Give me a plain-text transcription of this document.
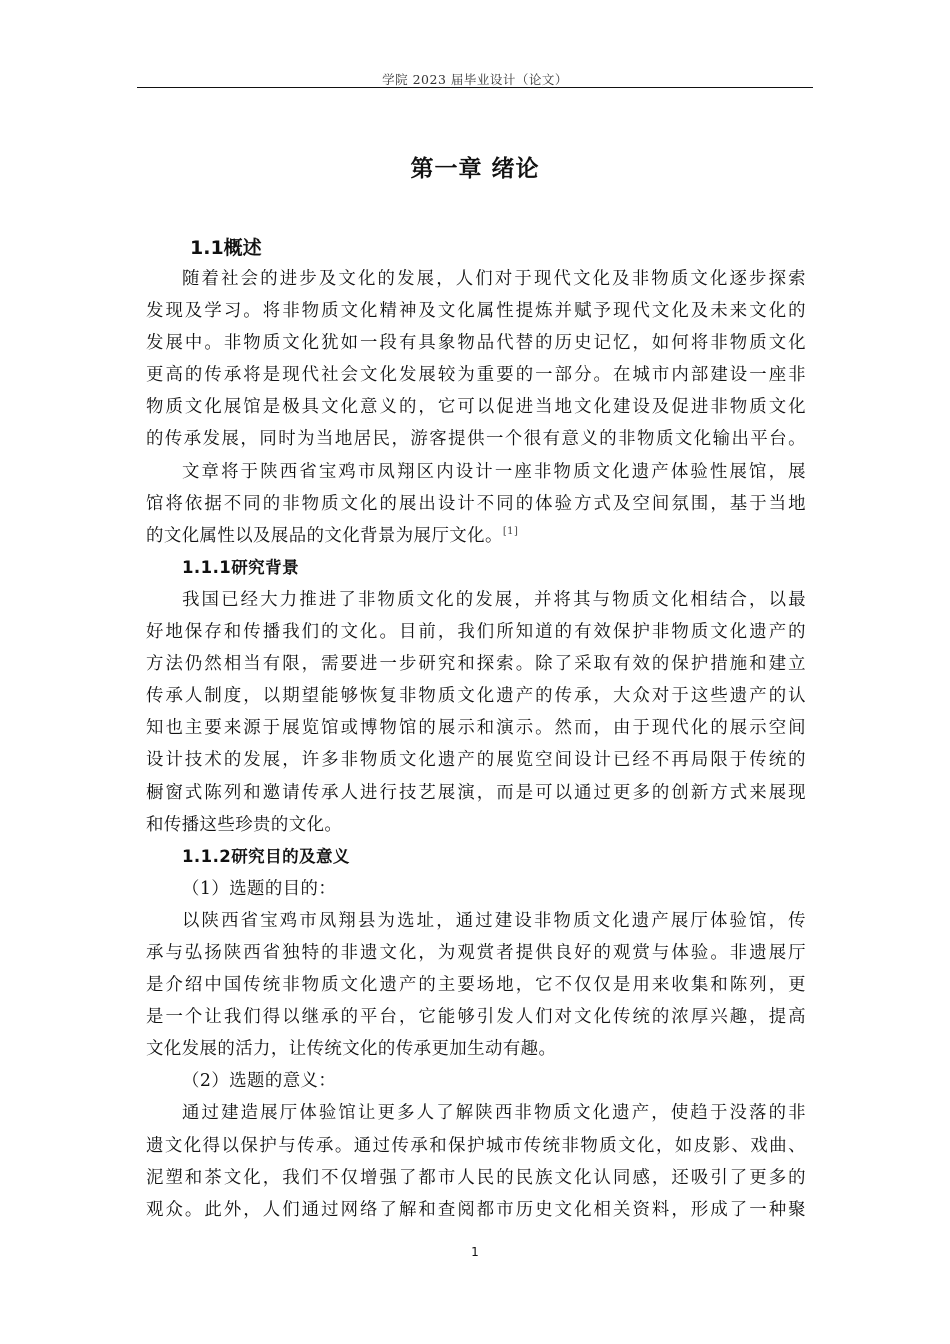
学院 2023 届毕业设计（论文）
第一章 绪论
1.1概述
随着社会的进步及文化的发展，人们对于现代文化及非物质文化逐步探索
发现及学习。将非物质文化精神及文化属性提炼并赋予现代文化及未来文化的
发展中。非物质文化犹如一段有具象物品代替的历史记忆，如何将非物质文化
更高的传承将是现代社会文化发展较为重要的一部分。在城市内部建设一座非
物质文化展馆是极具文化意义的，它可以促进当地文化建设及促进非物质文化
的传承发展，同时为当地居民，游客提供一个很有意义的非物质文化输出平台。
文章将于陕西省宝鸡市凤翔区内设计一座非物质文化遗产体验性展馆，展
馆将依据不同的非物质文化的展出设计不同的体验方式及空间氛围，基于当地
的文化属性以及展品的文化背景为展厅文化。[1]
1.1.1研究背景
我国已经大力推进了非物质文化的发展，并将其与物质文化相结合，以最
好地保存和传播我们的文化。目前，我们所知道的有效保护非物质文化遗产的
方法仍然相当有限，需要进一步研究和探索。除了采取有效的保护措施和建立
传承人制度，以期望能够恢复非物质文化遗产的传承，大众对于这些遗产的认
知也主要来源于展览馆或博物馆的展示和演示。然而，由于现代化的展示空间
设计技术的发展，许多非物质文化遗产的展览空间设计已经不再局限于传统的
橱窗式陈列和邀请传承人进行技艺展演，而是可以通过更多的创新方式来展现
和传播这些珍贵的文化。
1.1.2研究目的及意义
（1）选题的目的：
以陕西省宝鸡市凤翔县为选址，通过建设非物质文化遗产展厅体验馆，传
承与弘扬陕西省独特的非遗文化，为观赏者提供良好的观赏与体验。非遗展厅
是介绍中国传统非物质文化遗产的主要场地，它不仅仅是用来收集和陈列，更
是一个让我们得以继承的平台，它能够引发人们对文化传统的浓厚兴趣，提高
文化发展的活力，让传统文化的传承更加生动有趣。
（2）选题的意义：
通过建造展厅体验馆让更多人了解陕西非物质文化遗产，使趋于没落的非
遗文化得以保护与传承。通过传承和保护城市传统非物质文化，如皮影、戏曲、
泥塑和茶文化，我们不仅增强了都市人民的民族文化认同感，还吸引了更多的
观众。此外，人们通过网络了解和查阅都市历史文化相关资料，形成了一种聚
1
